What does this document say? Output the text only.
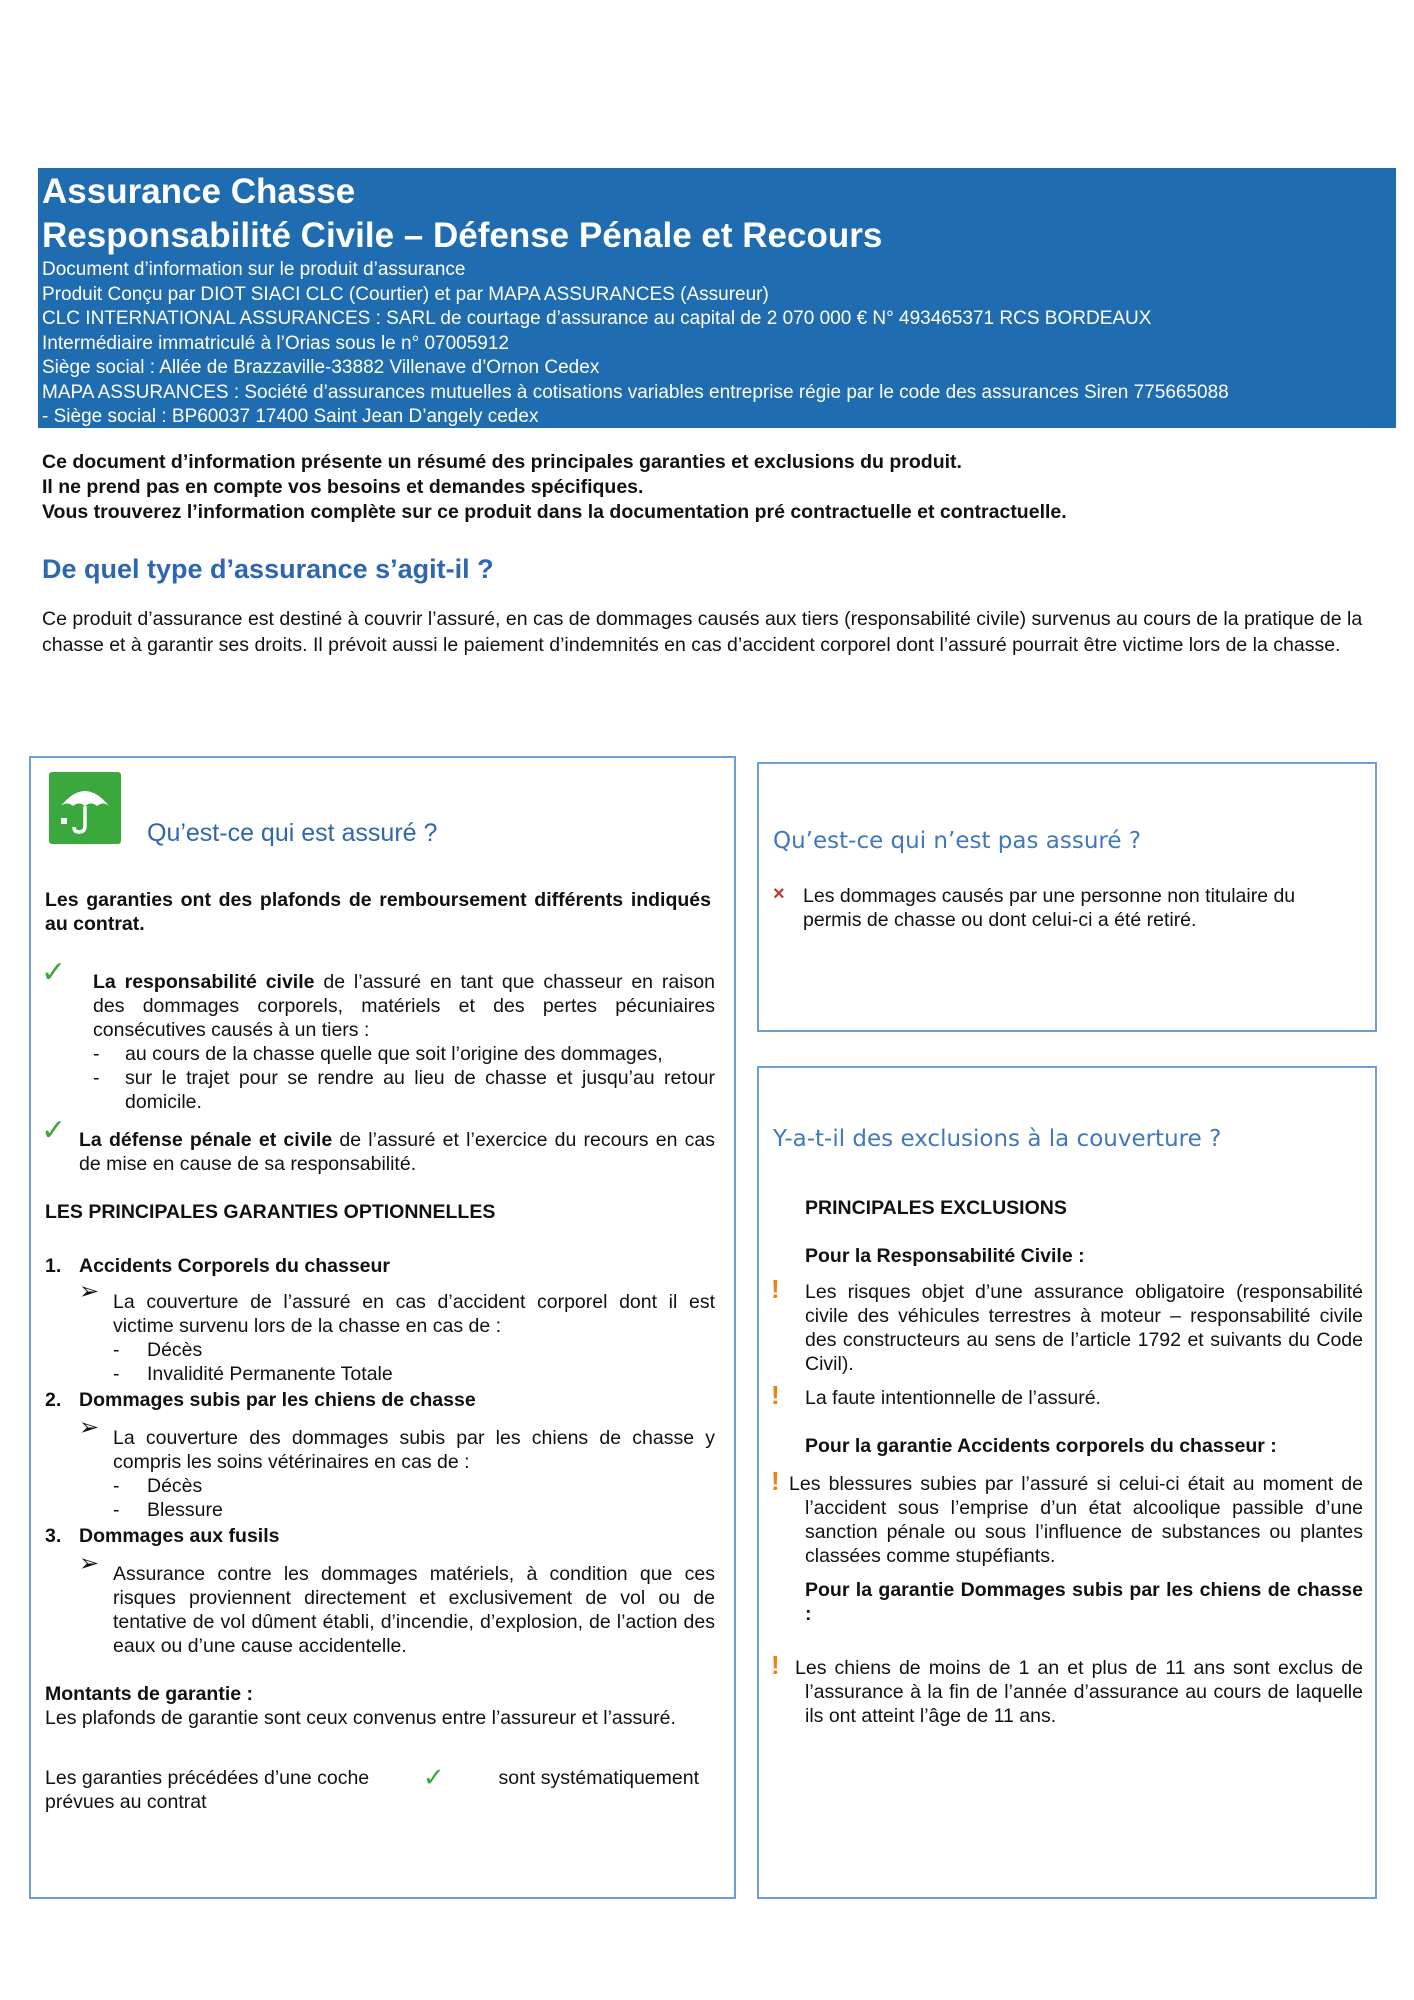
Assurance Chasse
Responsabilité Civile – Défense Pénale et Recours
Document d’information sur le produit d’assurance
Produit Conçu par DIOT SIACI CLC (Courtier) et par MAPA ASSURANCES (Assureur)
CLC INTERNATIONAL ASSURANCES : SARL de courtage d’assurance au capital de 2 070 000 € N° 493465371 RCS BORDEAUX
Intermédiaire immatriculé à l’Orias sous le n° 07005912
Siège social : Allée de Brazzaville-33882 Villenave d’Ornon Cedex
MAPA ASSURANCES : Société d’assurances mutuelles à cotisations variables entreprise régie par le code des assurances Siren 775665088
- Siège social : BP60037 17400 Saint Jean D’angely cedex
Ce document d’information présente un résumé des principales garanties et exclusions du produit.
Il ne prend pas en compte vos besoins et demandes spécifiques.
Vous trouverez l’information complète sur ce produit dans la documentation pré contractuelle et contractuelle.
De quel type d’assurance s’agit-il ?
Ce produit d’assurance est destiné à couvrir l’assuré, en cas de dommages causés aux tiers (responsabilité civile) survenus au cours de la pratique de la chasse et à garantir ses droits. Il prévoit aussi le paiement d’indemnités en cas d’accident corporel dont l’assuré pourrait être victime lors de la chasse.
Qu’est-ce qui est assuré ?
Les garanties ont des plafonds de remboursement différents indiqués au contrat.
✓ La responsabilité civile de l’assuré en tant que chasseur en raison des dommages corporels, matériels et des pertes pécuniaires consécutives causés à un tiers :
- au cours de la chasse quelle que soit l’origine des dommages,
- sur le trajet pour se rendre au lieu de chasse et jusqu’au retour domicile.
✓ La défense pénale et civile de l’assuré et l’exercice du recours en cas de mise en cause de sa responsabilité.
LES PRINCIPALES GARANTIES OPTIONNELLES
1. Accidents Corporels du chasseur
➢ La couverture de l’assuré en cas d’accident corporel dont il est victime survenu lors de la chasse en cas de :
- Décès
- Invalidité Permanente Totale
2. Dommages subis par les chiens de chasse
➢ La couverture des dommages subis par les chiens de chasse y compris les soins vétérinaires en cas de :
- Décès
- Blessure
3. Dommages aux fusils
➢ Assurance contre les dommages matériels, à condition que ces risques proviennent directement et exclusivement de vol ou de tentative de vol dûment établi, d’incendie, d’explosion, de l’action des eaux ou d’une cause accidentelle.
Montants de garantie :
Les plafonds de garantie sont ceux convenus entre l’assureur et l’assuré.
Les garanties précédées d’une coche ✓	sont systématiquement
prévues au contrat
Qu’est-ce qui n’est pas assuré ?
× Les dommages causés par une personne non titulaire du permis de chasse ou dont celui-ci a été retiré.
Y-a-t-il des exclusions à la couverture ?
PRINCIPALES EXCLUSIONS
Pour la Responsabilité Civile :
! Les risques objet d’une assurance obligatoire (responsabilité civile des véhicules terrestres à moteur – responsabilité civile des constructeurs au sens de l’article 1792 et suivants du Code Civil).
! La faute intentionnelle de l’assuré.
Pour la garantie Accidents corporels du chasseur :
! Les blessures subies par l’assuré si celui-ci était au moment de l’accident sous l’emprise d’un état alcoolique passible d’une sanction pénale ou sous l’influence de substances ou plantes classées comme stupéfiants.
Pour la garantie Dommages subis par les chiens de chasse :
! Les chiens de moins de 1 an et plus de 11 ans sont exclus de l’assurance à la fin de l’année d’assurance au cours de laquelle ils ont atteint l’âge de 11 ans.
